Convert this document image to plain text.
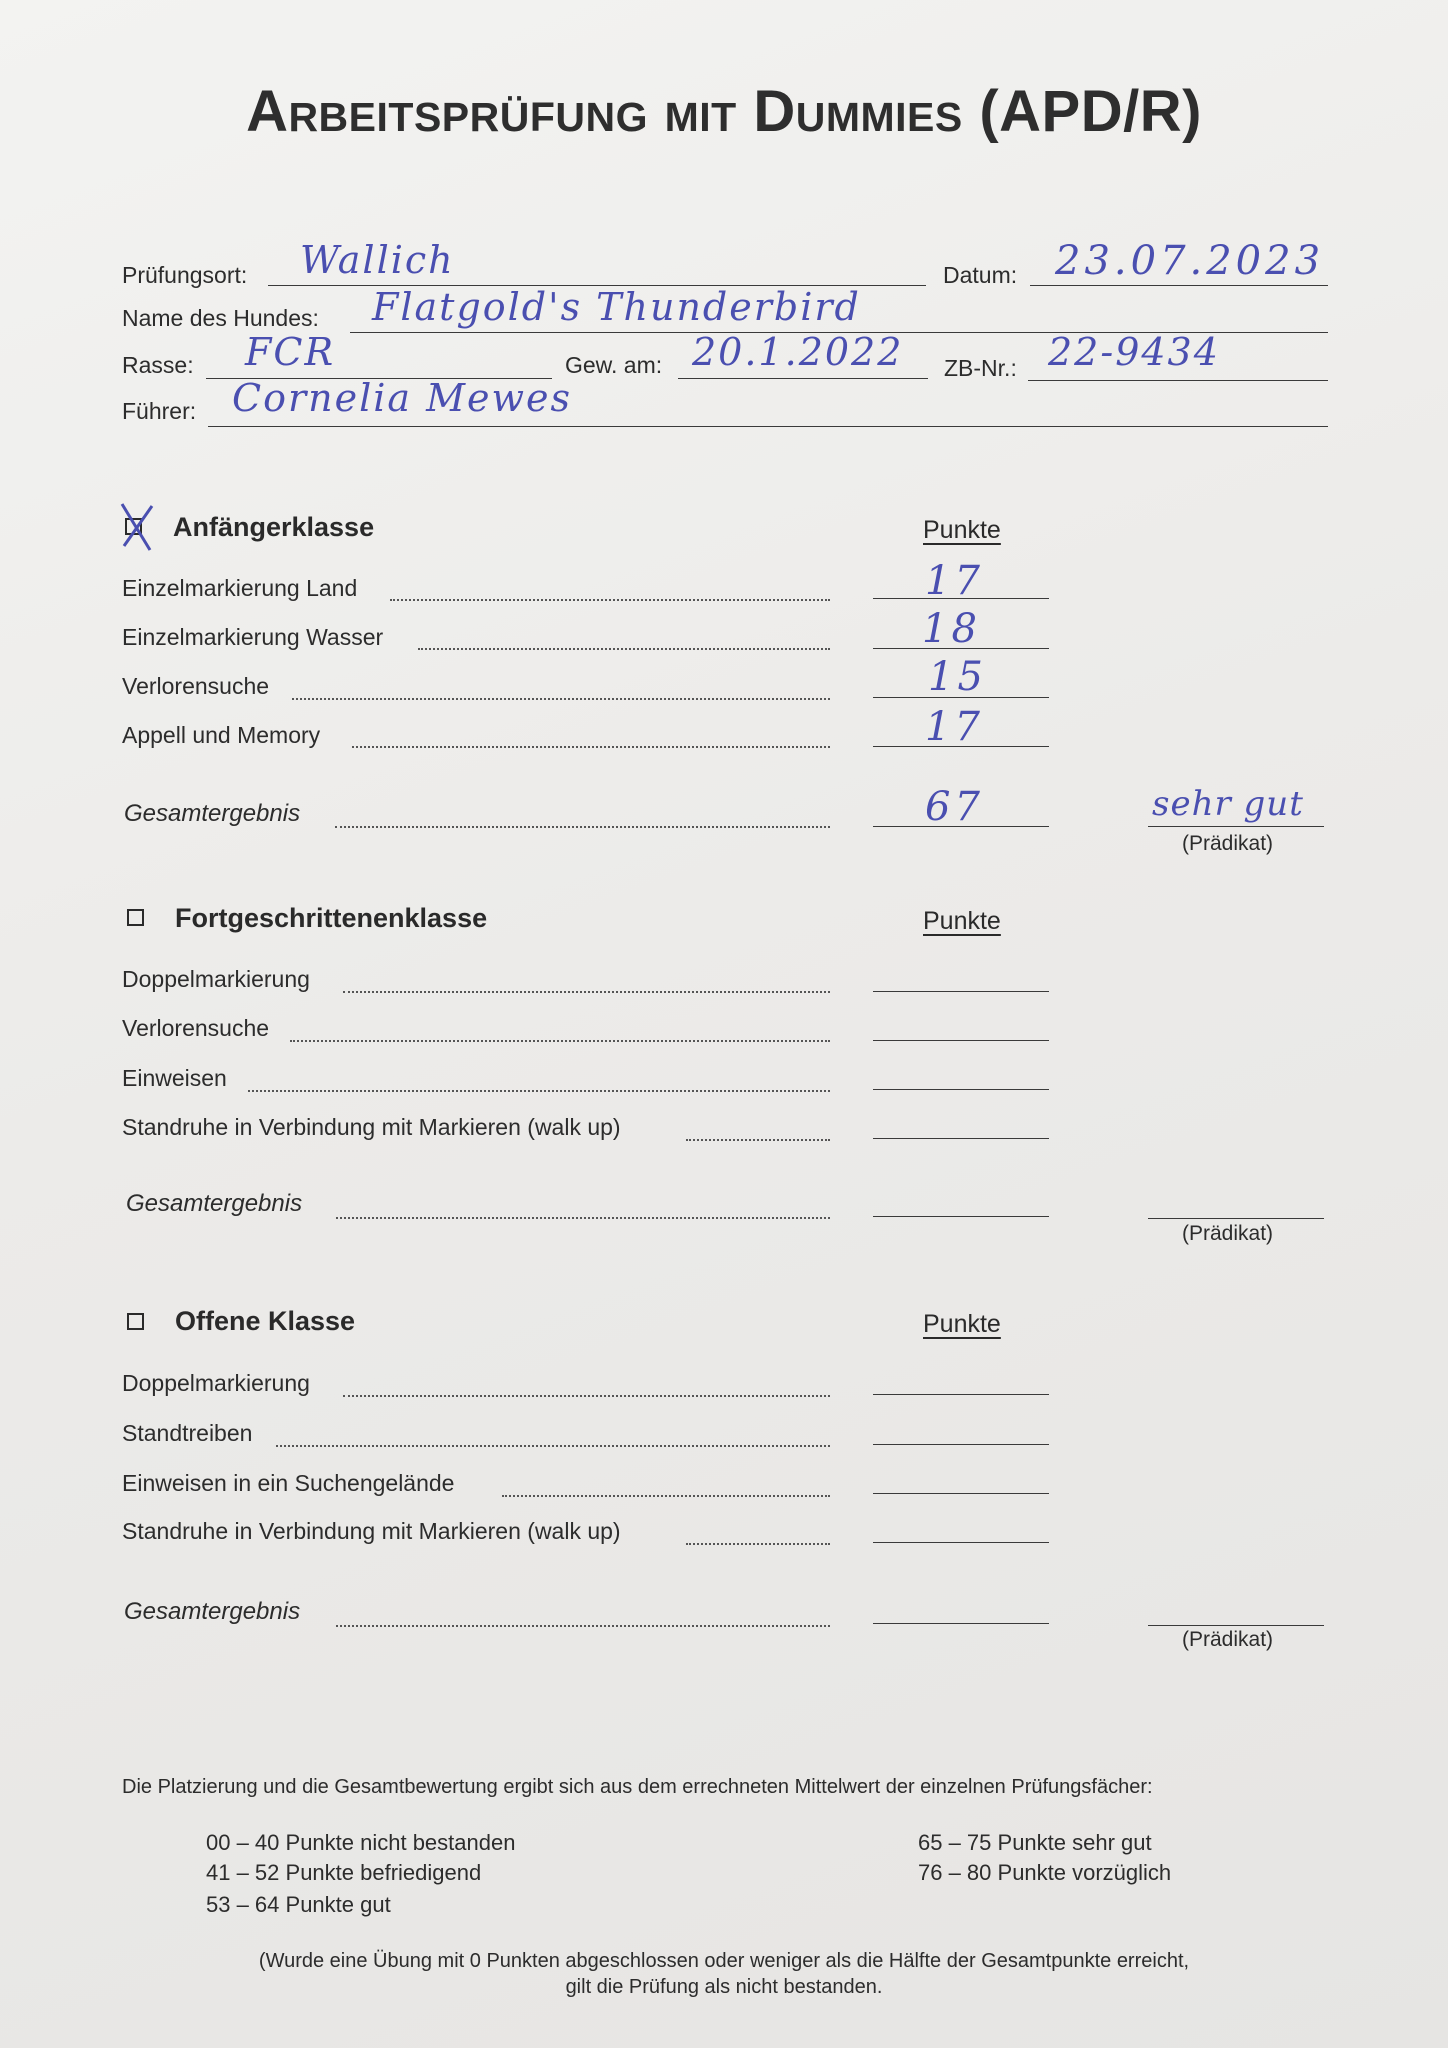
Arbeitsprüfung mit Dummies (APD/R)
Prüfungsort: Wallich	Datum: 23.07.2023
Name des Hundes: Flatgold's Thunderbird
Rasse: FCR	Gew. am: 20.1.2022 ZB-Nr.: 22-9434
Führer: Cornelia Mewes
Anfängerklasse	Punkte
Einzelmarkierung Land	17
Einzelmarkierung Wasser	18
Verlorensuche	15
Appell und Memory	17
Gesamtergebnis	67	sehr gut
(Prädikat)
Fortgeschrittenenklasse	Punkte
Doppelmarkierung
Verlorensuche
Einweisen
Standruhe in Verbindung mit Markieren (walk up)
Gesamtergebnis
(Prädikat)
Offene Klasse	Punkte
Doppelmarkierung
Standtreiben
Einweisen in ein Suchengelände
Standruhe in Verbindung mit Markieren (walk up)
Gesamtergebnis
(Prädikat)
Die Platzierung und die Gesamtbewertung ergibt sich aus dem errechneten Mittelwert der einzelnen Prüfungsfächer:
00 – 40 Punkte nicht bestanden
41 – 52 Punkte befriedigend
53 – 64 Punkte gut
65 – 75 Punkte sehr gut
76 – 80 Punkte vorzüglich
(Wurde eine Übung mit 0 Punkten abgeschlossen oder weniger als die Hälfte der Gesamtpunkte erreicht,
gilt die Prüfung als nicht bestanden.
